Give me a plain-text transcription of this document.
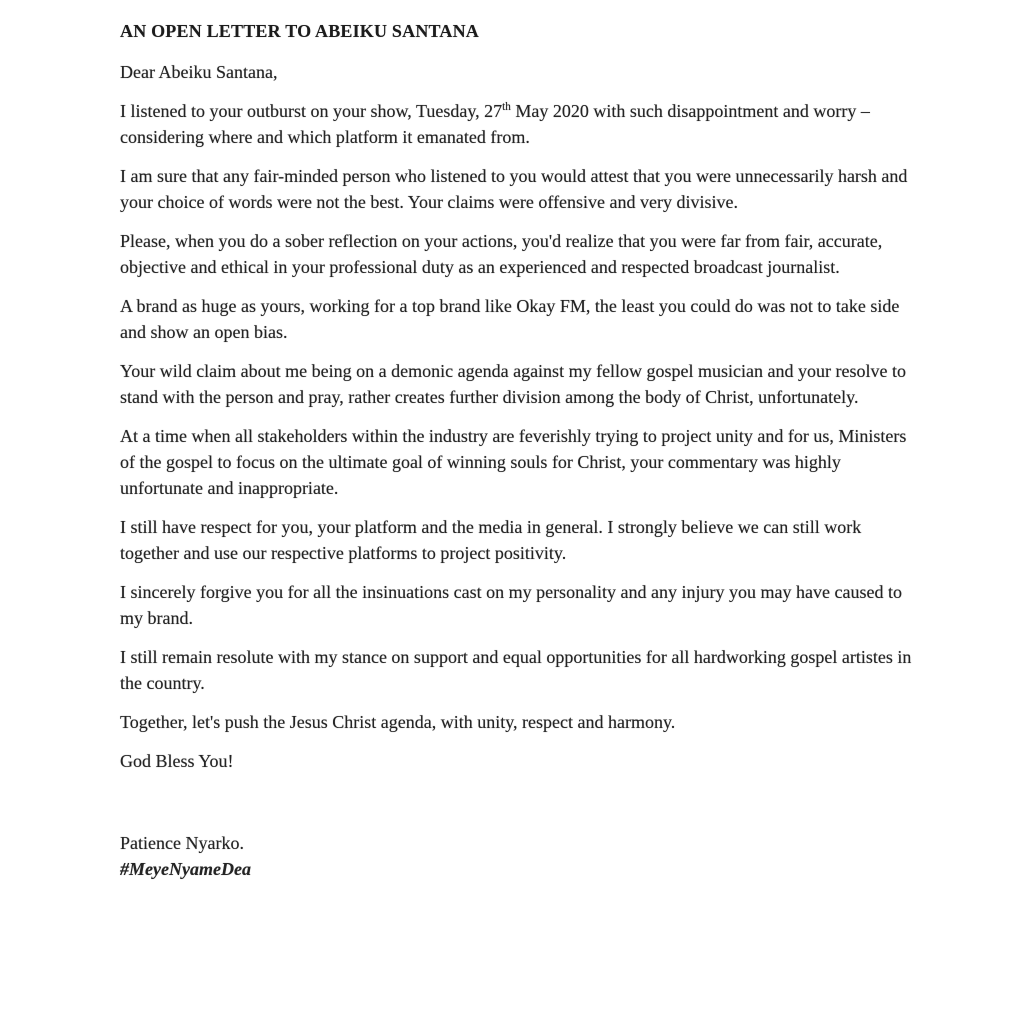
AN OPEN LETTER TO ABEIKU SANTANA

Dear Abeiku Santana,

I listened to your outburst on your show, Tuesday, 27th May 2020 with such disappointment and worry – considering where and which platform it emanated from.

I am sure that any fair-minded person who listened to you would attest that you were unnecessarily harsh and your choice of words were not the best. Your claims were offensive and very divisive.

Please, when you do a sober reflection on your actions, you'd realize that you were far from fair, accurate, objective and ethical in your professional duty as an experienced and respected broadcast journalist.

A brand as huge as yours, working for a top brand like Okay FM, the least you could do was not to take side and show an open bias.

Your wild claim about me being on a demonic agenda against my fellow gospel musician and your resolve to stand with the person and pray, rather creates further division among the body of Christ, unfortunately.

At a time when all stakeholders within the industry are feverishly trying to project unity and for us, Ministers of the gospel to focus on the ultimate goal of winning souls for Christ, your commentary was highly unfortunate and inappropriate.

I still have respect for you, your platform and the media in general. I strongly believe we can still work together and use our respective platforms to project positivity.

I sincerely forgive you for all the insinuations cast on my personality and any injury you may have caused to my brand.

I still remain resolute with my stance on support and equal opportunities for all hardworking gospel artistes in the country.

Together, let's push the Jesus Christ agenda, with unity, respect and harmony.

God Bless You!

Patience Nyarko.

#MeyeNyameDea
